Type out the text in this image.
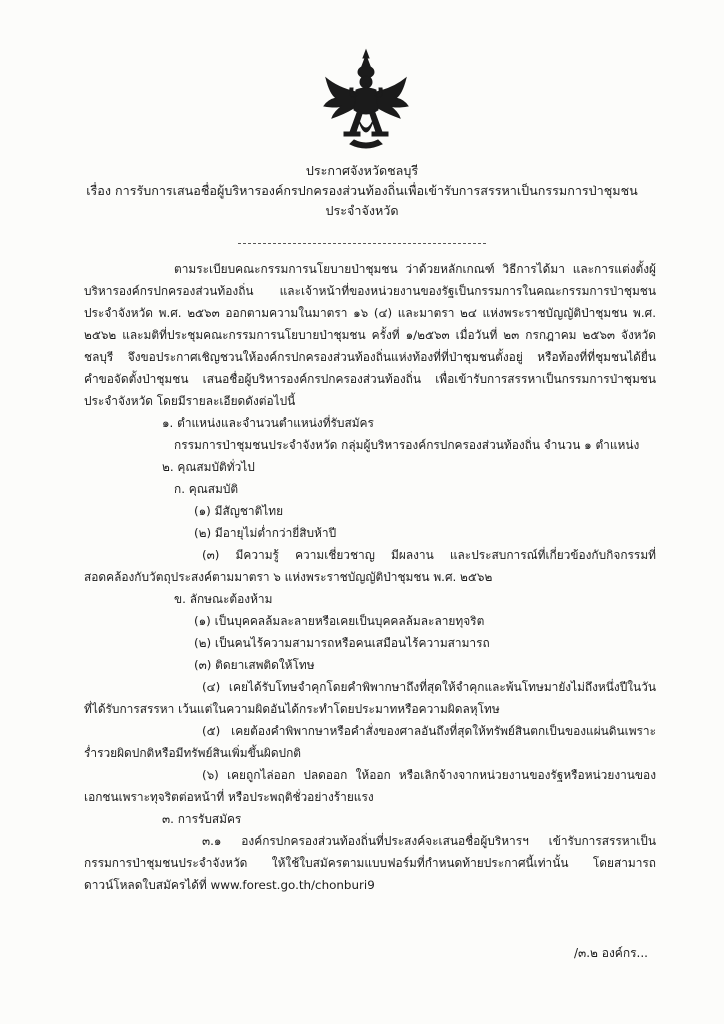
ประกาศจังหวัดชลบุรี
เรื่อง การรับการเสนอชื่อผู้บริหารองค์กรปกครองส่วนท้องถิ่นเพื่อเข้ารับการสรรหาเป็นกรรมการป่าชุมชน
ประจำจังหวัด

ตามระเบียบคณะกรรมการนโยบายป่าชุมชน ว่าด้วยหลักเกณฑ์ วิธีการได้มา และการแต่งตั้งผู้บริหารองค์กรปกครองส่วนท้องถิ่น และเจ้าหน้าที่ของหน่วยงานของรัฐเป็นกรรมการในคณะกรรมการป่าชุมชนประจำจังหวัด พ.ศ. ๒๕๖๓ ออกตามความในมาตรา ๑๖ (๔) และมาตรา ๒๔ แห่งพระราชบัญญัติป่าชุมชน พ.ศ. ๒๕๖๒ และมติที่ประชุมคณะกรรมการนโยบายป่าชุมชน ครั้งที่ ๑/๒๕๖๓ เมื่อวันที่ ๒๓ กรกฎาคม ๒๕๖๓ จังหวัดชลบุรี จึงขอประกาศเชิญชวนให้องค์กรปกครองส่วนท้องถิ่นแห่งท้องที่ที่ป่าชุมชนตั้งอยู่ หรือท้องที่ที่ชุมชนได้ยื่นคำขอจัดตั้งป่าชุมชน เสนอชื่อผู้บริหารองค์กรปกครองส่วนท้องถิ่น เพื่อเข้ารับการสรรหาเป็นกรรมการป่าชุมชนประจำจังหวัด โดยมีรายละเอียดดังต่อไปนี้

๑. ตำแหน่งและจำนวนตำแหน่งที่รับสมัคร

กรรมการป่าชุมชนประจำจังหวัด กลุ่มผู้บริหารองค์กรปกครองส่วนท้องถิ่น จำนวน ๑ ตำแหน่ง

๒. คุณสมบัติทั่วไป

ก. คุณสมบัติ

(๑) มีสัญชาติไทย

(๒) มีอายุไม่ต่ำกว่ายี่สิบห้าปี

(๓) มีความรู้ ความเชี่ยวชาญ มีผลงาน และประสบการณ์ที่เกี่ยวข้องกับกิจกรรมที่สอดคล้องกับวัตถุประสงค์ตามมาตรา ๖ แห่งพระราชบัญญัติป่าชุมชน พ.ศ. ๒๕๖๒

ข. ลักษณะต้องห้าม

(๑) เป็นบุคคลล้มละลายหรือเคยเป็นบุคคลล้มละลายทุจริต

(๒) เป็นคนไร้ความสามารถหรือคนเสมือนไร้ความสามารถ

(๓) ติดยาเสพติดให้โทษ

(๔) เคยได้รับโทษจำคุกโดยคำพิพากษาถึงที่สุดให้จำคุกและพ้นโทษมายังไม่ถึงหนึ่งปีในวันที่ได้รับการสรรหา เว้นแต่ในความผิดอันได้กระทำโดยประมาทหรือความผิดลหุโทษ

(๕) เคยต้องคำพิพากษาหรือคำสั่งของศาลอันถึงที่สุดให้ทรัพย์สินตกเป็นของแผ่นดินเพราะร่ำรวยผิดปกติหรือมีทรัพย์สินเพิ่มขึ้นผิดปกติ

(๖) เคยถูกไล่ออก ปลดออก ให้ออก หรือเลิกจ้างจากหน่วยงานของรัฐหรือหน่วยงานของเอกชนเพราะทุจริตต่อหน้าที่ หรือประพฤติชั่วอย่างร้ายแรง

๓. การรับสมัคร

๓.๑ องค์กรปกครองส่วนท้องถิ่นที่ประสงค์จะเสนอชื่อผู้บริหารฯ เข้ารับการสรรหาเป็นกรรมการป่าชุมชนประจำจังหวัด ให้ใช้ใบสมัครตามแบบฟอร์มที่กำหนดท้ายประกาศนี้เท่านั้น โดยสามารถดาวน์โหลดใบสมัครได้ที่ www.forest.go.th/chonburi9

/๓.๒ องค์กร...
